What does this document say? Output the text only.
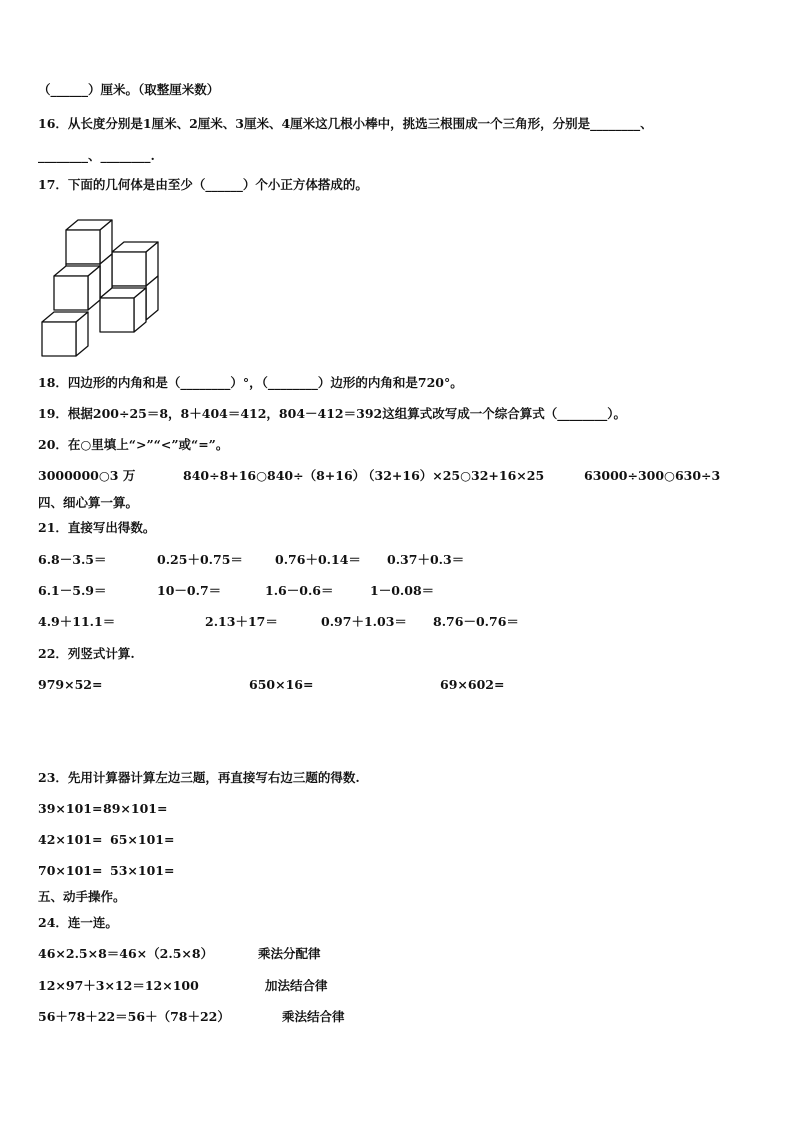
（______）厘米。（取整厘米数）
16．从长度分别是1厘米、2厘米、3厘米、4厘米这几根小棒中，挑选三根围成一个三角形，分别是________、
________、________.
17．下面的几何体是由至少（______）个小正方体搭成的。
18．四边形的内角和是（________）°，（________）边形的内角和是720°。
19．根据200÷25＝8，8＋404＝412，804－412＝392这组算式改写成一个综合算式（________）。
20．在○里填上“>”“<”或“=”。
3000000○3 万	840÷8+16○840÷（8+16）
（32+16）×25○32+16×25	63000÷300○630÷3
四、细心算一算。
21．直接写出得数。
6.8－3.5＝	0.25＋0.75＝	0.76＋0.14＝ 0.37＋0.3＝
6.1－5.9＝	10－0.7＝	1.6－0.6＝	1－0.08＝
4.9＋11.1＝	2.13＋17＝	0.97＋1.03＝ 8.76－0.76＝
22．列竖式计算.
979×52=	650×16=	69×602=
23．先用计算器计算左边三题，再直接写右边三题的得数.
39×101= 89×101=
42×101= 65×101=
70×101= 53×101=
五、动手操作。
24．连一连。
46×2.5×8＝46×（2.5×8）	乘法分配律
12×97＋3×12＝12×100	加法结合律
56＋78＋22＝56＋（78＋22）	乘法结合律
